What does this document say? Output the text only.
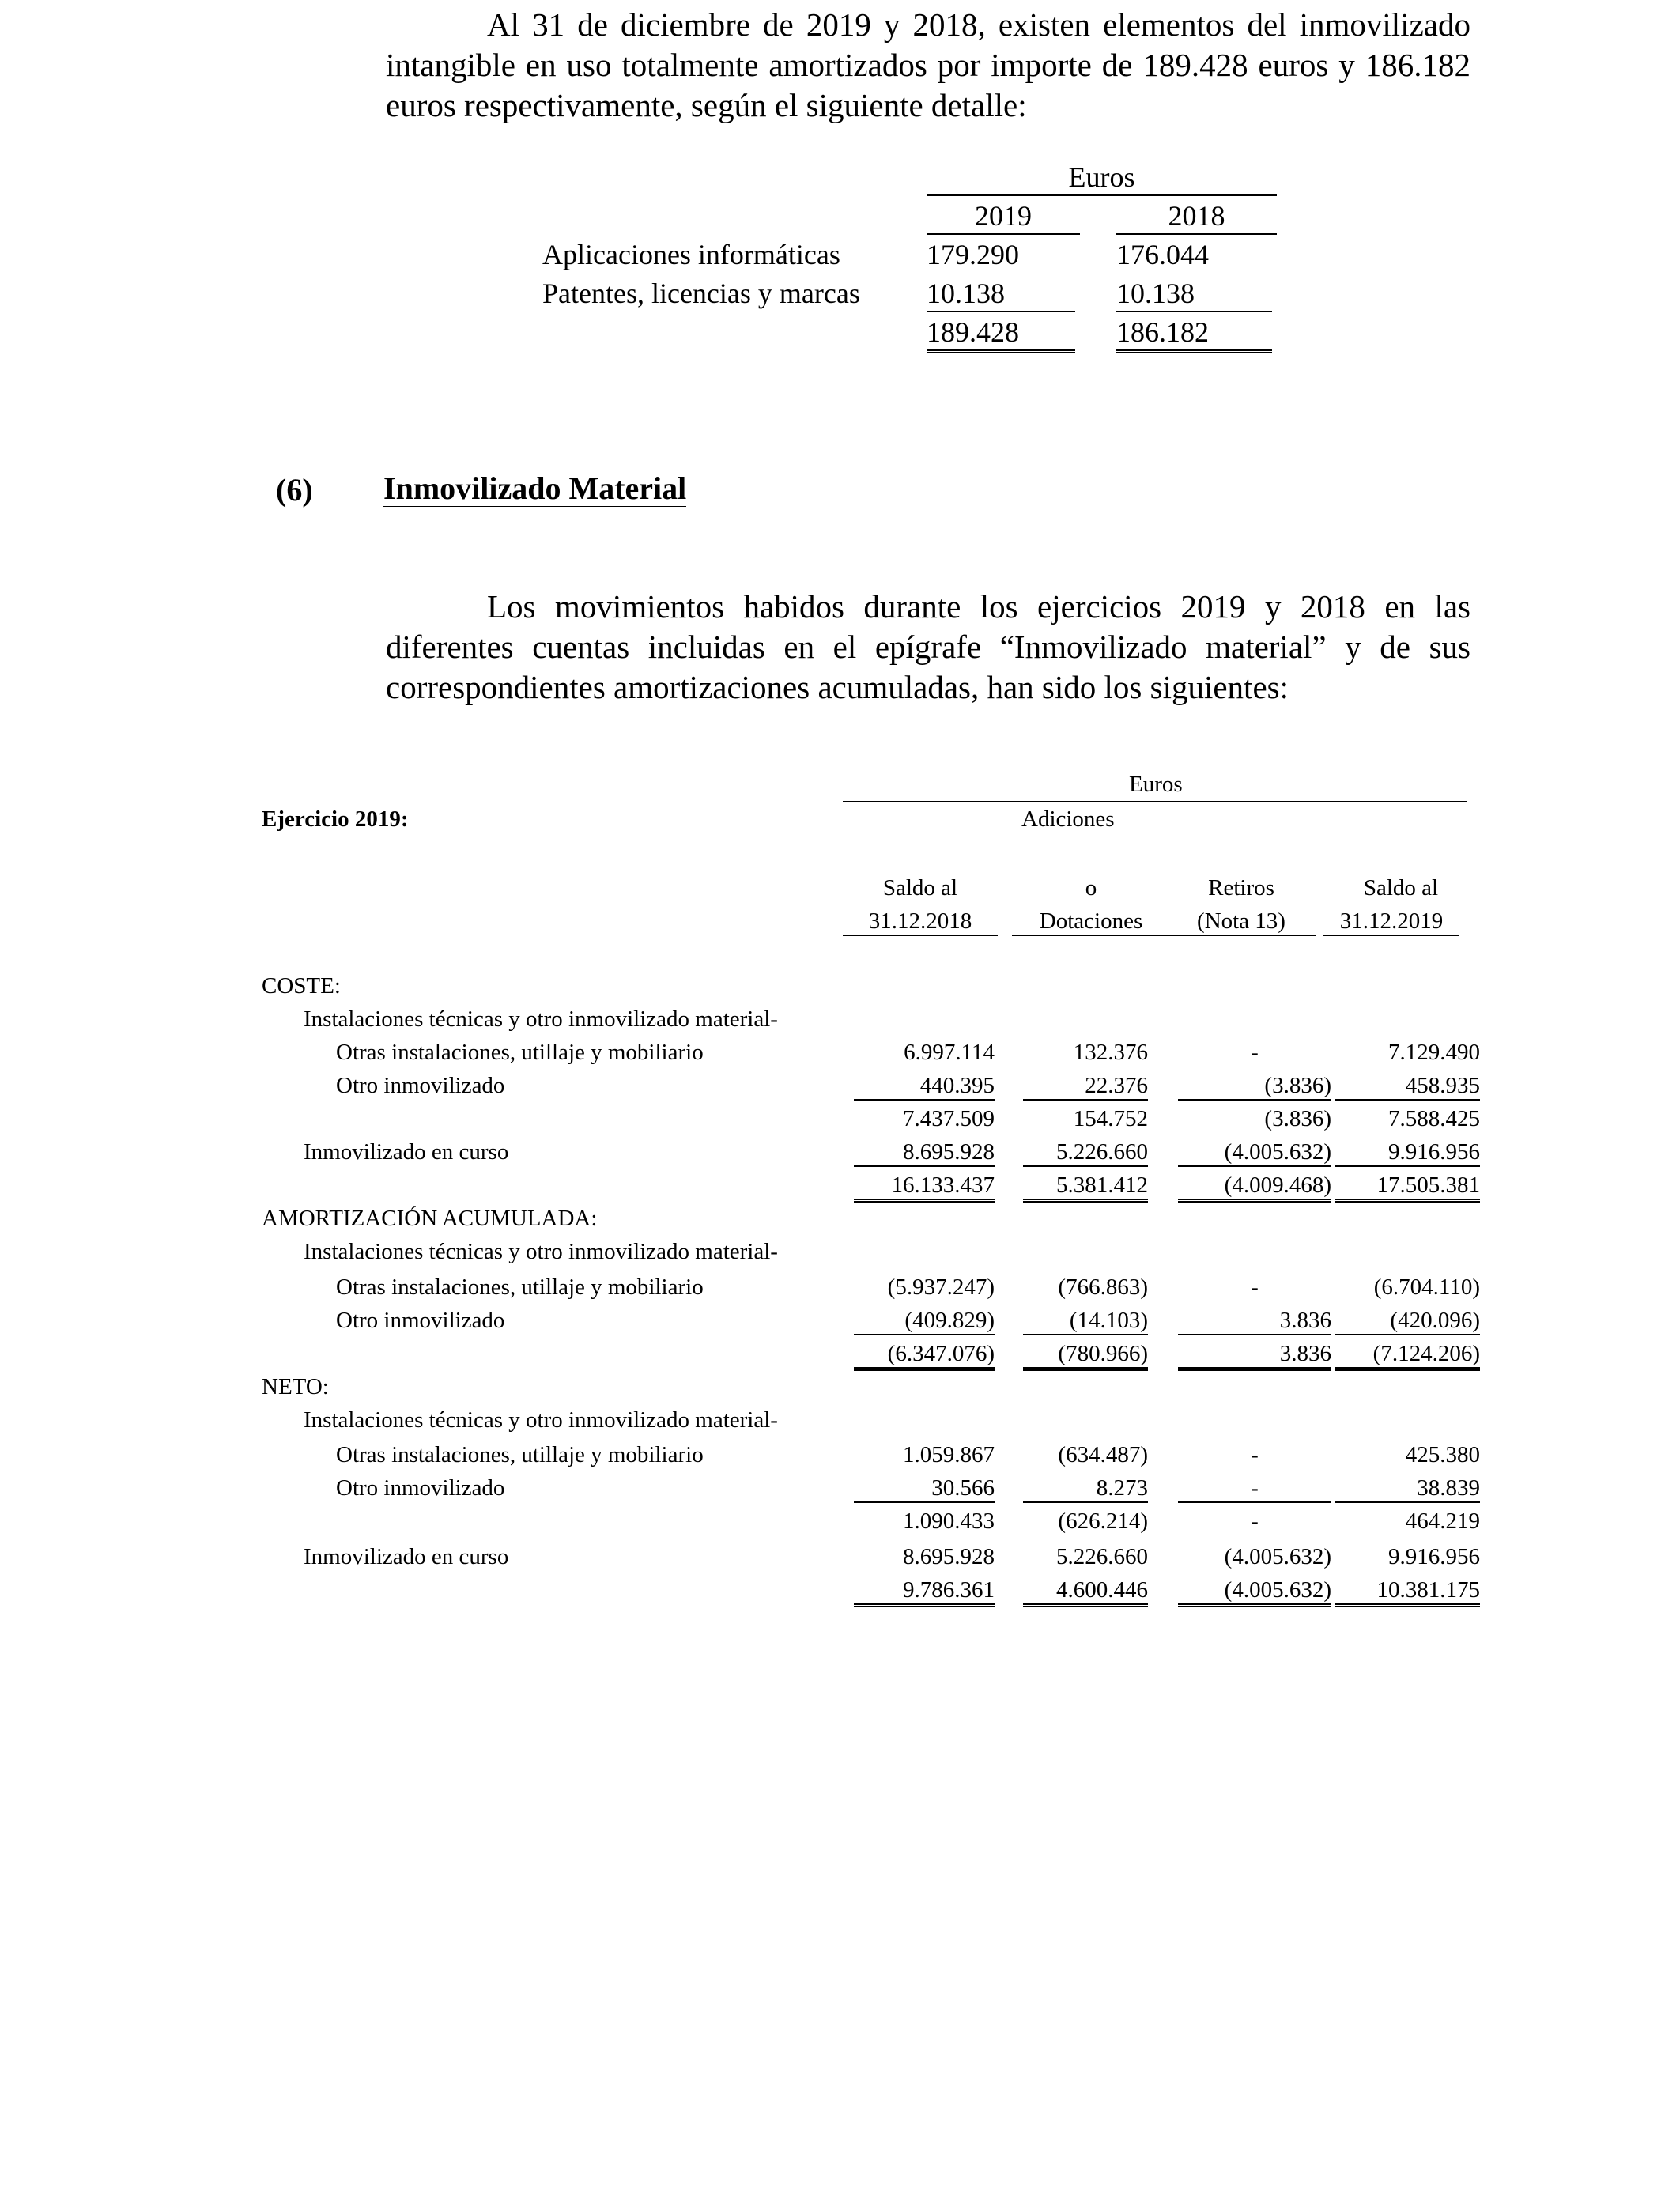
Al 31 de diciembre de 2019 y 2018, existen elementos del inmovilizado intangible en uso totalmente amortizados por importe de 189.428 euros y 186.182 euros respectivamente, según el siguiente detalle:

Euros
2019	2018
Aplicaciones informáticas	179.290	176.044
Patentes, licencias y marcas 10.138	10.138
189.428	186.182
(6) Inmovilizado Material

Los movimientos habidos durante los ejercicios 2019 y 2018 en las diferentes cuentas incluidas en el epígrafe “Inmovilizado material” y de sus correspondientes amortizaciones acumuladas, han sido los siguientes:

Euros
Ejercicio 2019:	Adiciones
Saldo al
31.12.2018
o
Dotaciones
Retiros
(Nota 13)
Saldo al
31.12.2019
COSTE:
Instalaciones técnicas y otro inmovilizado material-
Otras instalaciones, utillaje y mobiliario	6.997.114	132.376	-	7.129.490
Otro inmovilizado	440.395	22.376	(3.836)	458.935
7.437.509	154.752	(3.836)	7.588.425
Inmovilizado en curso	8.695.928	5.226.660	(4.005.632)	9.916.956
16.133.437	5.381.412	(4.009.468)	17.505.381
AMORTIZACIÓN ACUMULADA:
Instalaciones técnicas y otro inmovilizado material-
Otras instalaciones, utillaje y mobiliario	(5.937.247)	(766.863)	-	(6.704.110)
Otro inmovilizado	(409.829)	(14.103)	3.836	(420.096)
(6.347.076)	(780.966)	3.836	(7.124.206)
NETO:
Instalaciones técnicas y otro inmovilizado material-
Otras instalaciones, utillaje y mobiliario	1.059.867	(634.487)	-	425.380
Otro inmovilizado	30.566	8.273	-	38.839
1.090.433	(626.214)	-	464.219
Inmovilizado en curso	8.695.928	5.226.660	(4.005.632)	9.916.956
9.786.361	4.600.446	(4.005.632)	10.381.175
